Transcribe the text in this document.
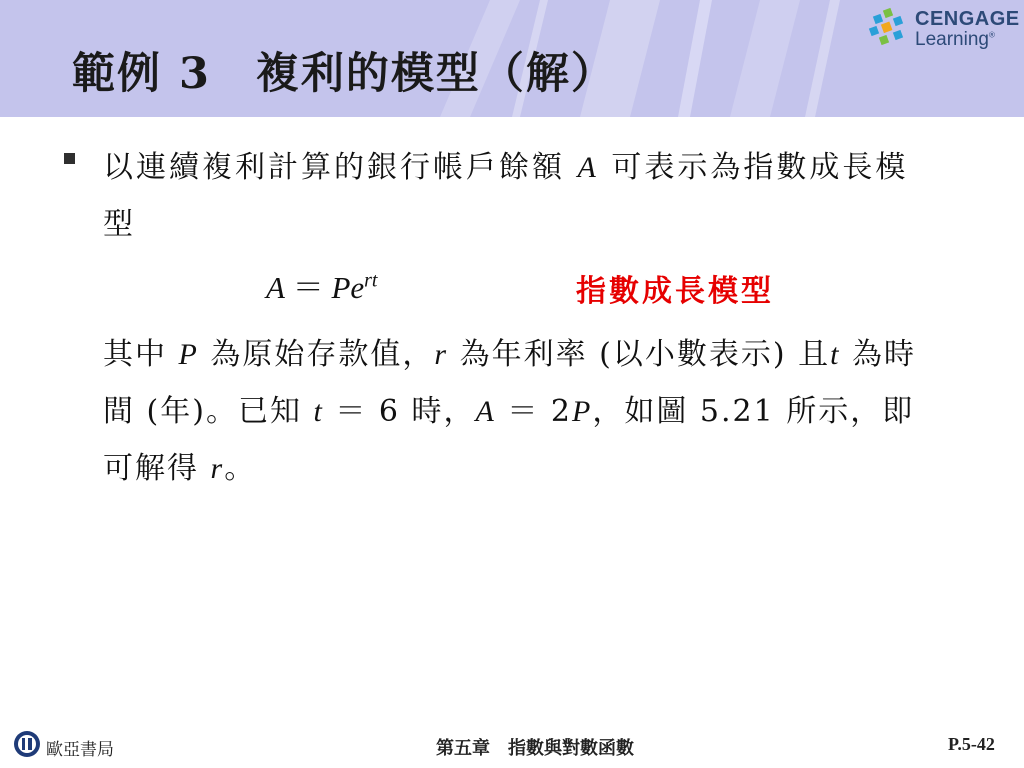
範例 3　複利的模型（解）
CENGAGE
Learning®
以連續複利計算的銀行帳戶餘額 A 可表示為指數成長模型
$A = Pe^{rt}$	指數成長模型
其中 P 為原始存款值，r 為年利率 (以小數表示) 且t 為時間 (年)。已知 t ＝ 6 時，A ＝ 2P，如圖 5.21 所示，即可解得 r。
歐亞書局	第五章　指數與對數函數	P.5-42
